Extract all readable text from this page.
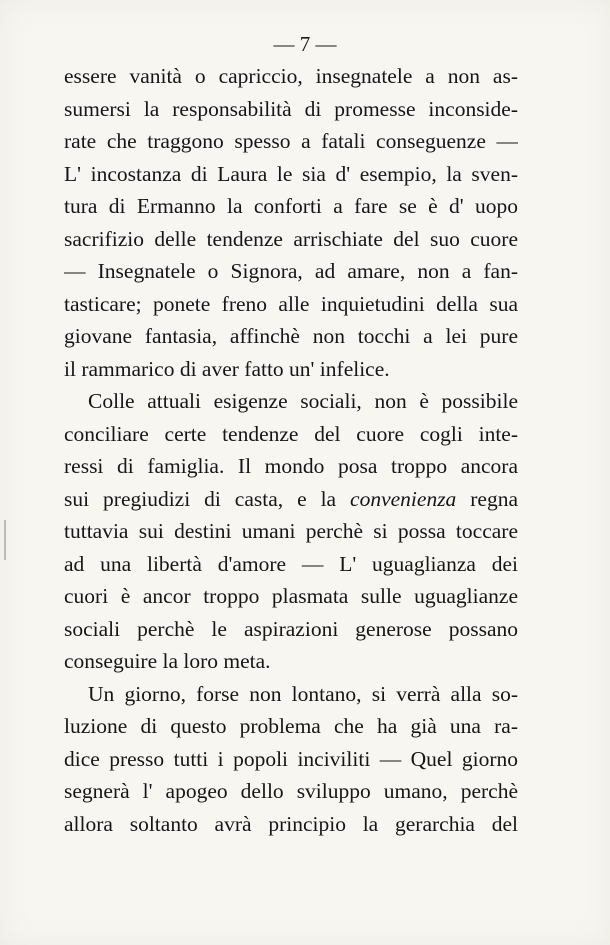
— 7 —
essere vanità o capriccio, insegnatele a non as-
sumersi la responsabilità di promesse inconside-
rate che traggono spesso a fatali conseguenze —
L' incostanza di Laura le sia d' esempio, la sven-
tura di Ermanno la conforti a fare se è d' uopo
sacrifizio delle tendenze arrischiate del suo cuore
— Insegnatele o Signora, ad amare, non a fan-
tasticare; ponete freno alle inquietudini della sua
giovane fantasia, affinchè non tocchi a lei pure
il rammarico di aver fatto un' infelice.
Colle attuali esigenze sociali, non è possibile
conciliare certe tendenze del cuore cogli inte-
ressi di famiglia. Il mondo posa troppo ancora
sui pregiudizi di casta, e la convenienza regna
tuttavia sui destini umani perchè si possa toccare
ad una libertà d'amore — L' uguaglianza dei
cuori è ancor troppo plasmata sulle uguaglianze
sociali perchè le aspirazioni generose possano
conseguire la loro meta.
Un giorno, forse non lontano, si verrà alla so-
luzione di questo problema che ha già una ra-
dice presso tutti i popoli inciviliti — Quel giorno
segnerà l' apogeo dello sviluppo umano, perchè
allora soltanto avrà principio la gerarchia del
